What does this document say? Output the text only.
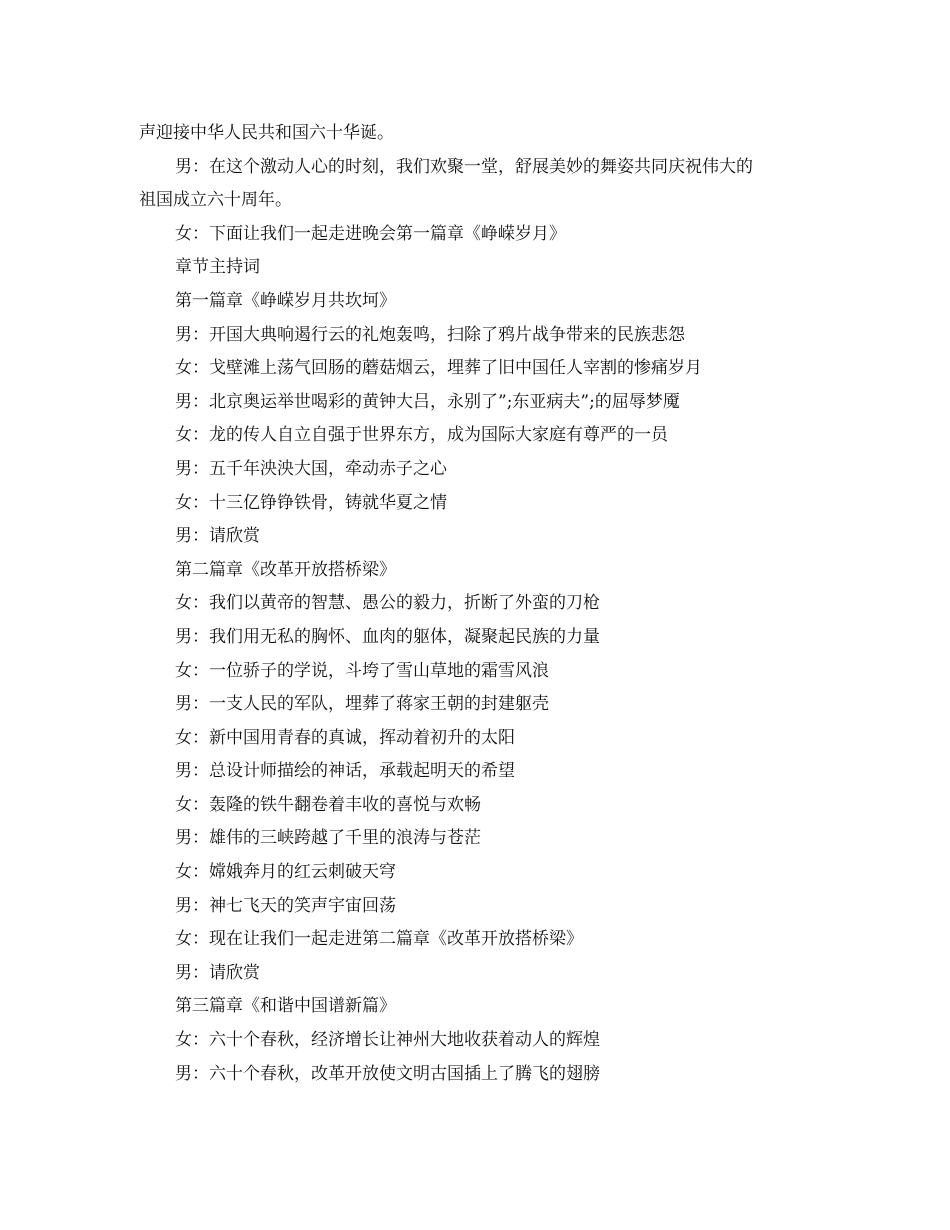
声迎接中华人民共和国六十华诞。
男：在这个激动人心的时刻，我们欢聚一堂，舒展美妙的舞姿共同庆祝伟大的
祖国成立六十周年。
女：下面让我们一起走进晚会第一篇章《峥嵘岁月》
章节主持词
第一篇章《峥嵘岁月共坎坷》
男：开国大典响遏行云的礼炮轰鸣，扫除了鸦片战争带来的民族悲怨
女：戈壁滩上荡气回肠的蘑菇烟云，埋葬了旧中国任人宰割的惨痛岁月
男：北京奥运举世喝彩的黄钟大吕，永别了”;东亚病夫”;的屈辱梦魇
女：龙的传人自立自强于世界东方，成为国际大家庭有尊严的一员
男：五千年泱泱大国，牵动赤子之心
女：十三亿铮铮铁骨，铸就华夏之情
男：请欣赏
第二篇章《改革开放搭桥梁》
女：我们以黄帝的智慧、愚公的毅力，折断了外蛮的刀枪
男：我们用无私的胸怀、血肉的躯体，凝聚起民族的力量
女：一位骄子的学说，斗垮了雪山草地的霜雪风浪
男：一支人民的军队，埋葬了蒋家王朝的封建躯壳
女：新中国用青春的真诚，挥动着初升的太阳
男：总设计师描绘的神话，承载起明天的希望
女：轰隆的铁牛翻卷着丰收的喜悦与欢畅
男：雄伟的三峡跨越了千里的浪涛与苍茫
女：嫦娥奔月的红云刺破天穹
男：神七飞天的笑声宇宙回荡
女：现在让我们一起走进第二篇章《改革开放搭桥梁》
男：请欣赏
第三篇章《和谐中国谱新篇》
女：六十个春秋，经济增长让神州大地收获着动人的辉煌
男：六十个春秋，改革开放使文明古国插上了腾飞的翅膀
